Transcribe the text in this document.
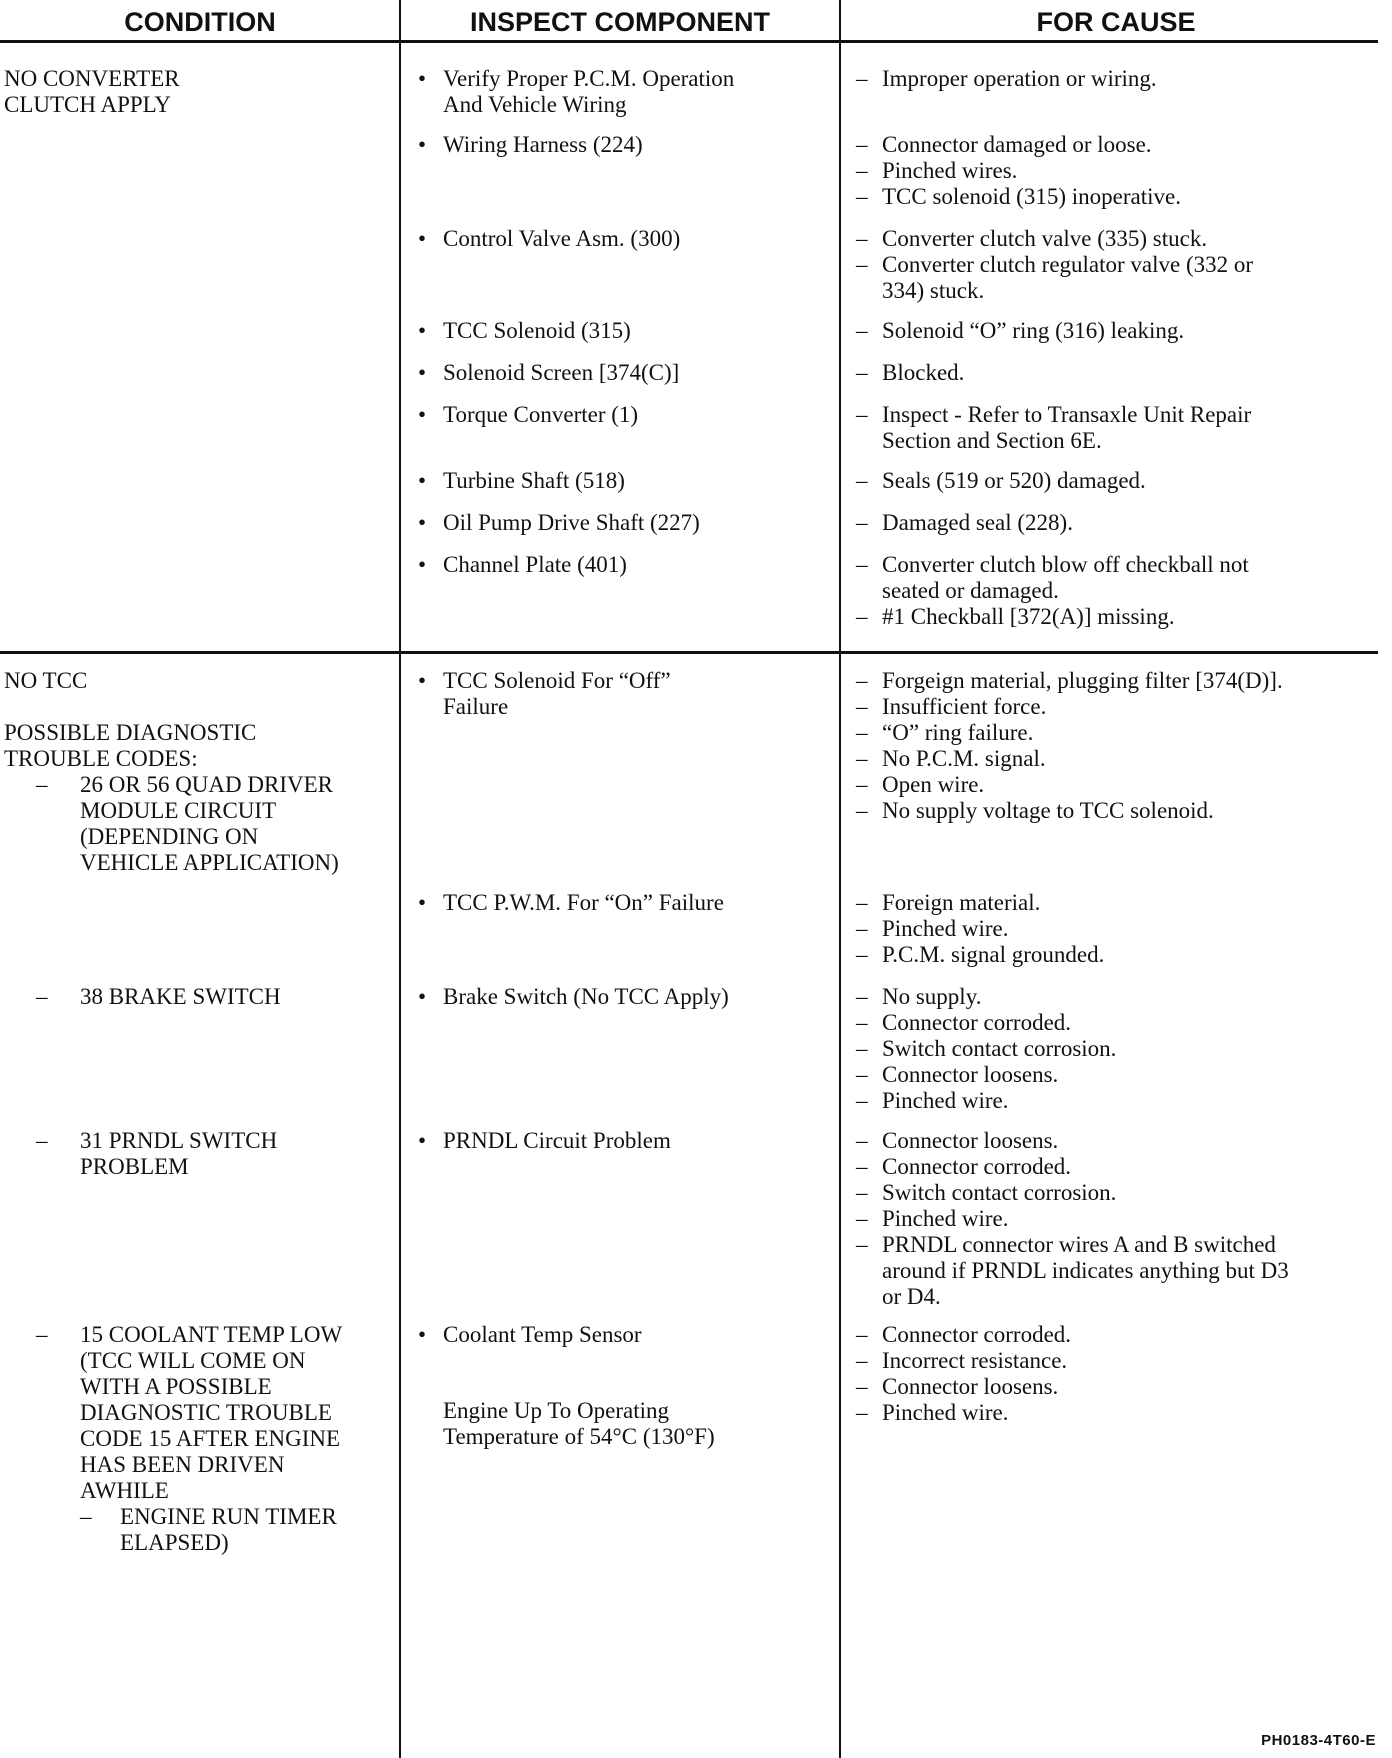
CONDITION	INSPECT COMPONENT	FOR CAUSE
NO CONVERTER
CLUTCH APPLY
• Verify Proper P.C.M. Operation
And Vehicle Wiring
• Wiring Harness (224)
• Control Valve Asm. (300)
• TCC Solenoid (315)
• Solenoid Screen [374(C)]
• Torque Converter (1)
• Turbine Shaft (518)
• Oil Pump Drive Shaft (227)
• Channel Plate (401)
– Improper operation or wiring.
– Connector damaged or loose.
– Pinched wires.
– TCC solenoid (315) inoperative.
– Converter clutch valve (335) stuck.
– Converter clutch regulator valve (332 or
334) stuck.
– Solenoid “O” ring (316) leaking.
– Blocked.
– Inspect - Refer to Transaxle Unit Repair
Section and Section 6E.
– Seals (519 or 520) damaged.
– Damaged seal (228).
– Converter clutch blow off checkball not
seated or damaged.
– #1 Checkball [372(A)] missing.
NO TCC
POSSIBLE DIAGNOSTIC
TROUBLE CODES:
– 26 OR 56 QUAD DRIVER
MODULE CIRCUIT
(DEPENDING ON
VEHICLE APPLICATION)
– 38 BRAKE SWITCH
– 31 PRNDL SWITCH
PROBLEM
– 15 COOLANT TEMP LOW
(TCC WILL COME ON
WITH A POSSIBLE
DIAGNOSTIC TROUBLE
CODE 15 AFTER ENGINE
HAS BEEN DRIVEN
AWHILE
– ENGINE RUN TIMER
ELAPSED)
• TCC Solenoid For “Off”
Failure
• TCC P.W.M. For “On” Failure
• Brake Switch (No TCC Apply)
• PRNDL Circuit Problem
• Coolant Temp Sensor
Engine Up To Operating
Temperature of 54°C (130°F)
– Forgeign material, plugging filter [374(D)].
– Insufficient force.
– “O” ring failure.
– No P.C.M. signal.
– Open wire.
– No supply voltage to TCC solenoid.
– Foreign material.
– Pinched wire.
– P.C.M. signal grounded.
– No supply.
– Connector corroded.
– Switch contact corrosion.
– Connector loosens.
– Pinched wire.
– Connector loosens.
– Connector corroded.
– Switch contact corrosion.
– Pinched wire.
– PRNDL connector wires A and B switched
around if PRNDL indicates anything but D3
or D4.
– Connector corroded.
– Incorrect resistance.
– Connector loosens.
– Pinched wire.
PH0183-4T60-E
